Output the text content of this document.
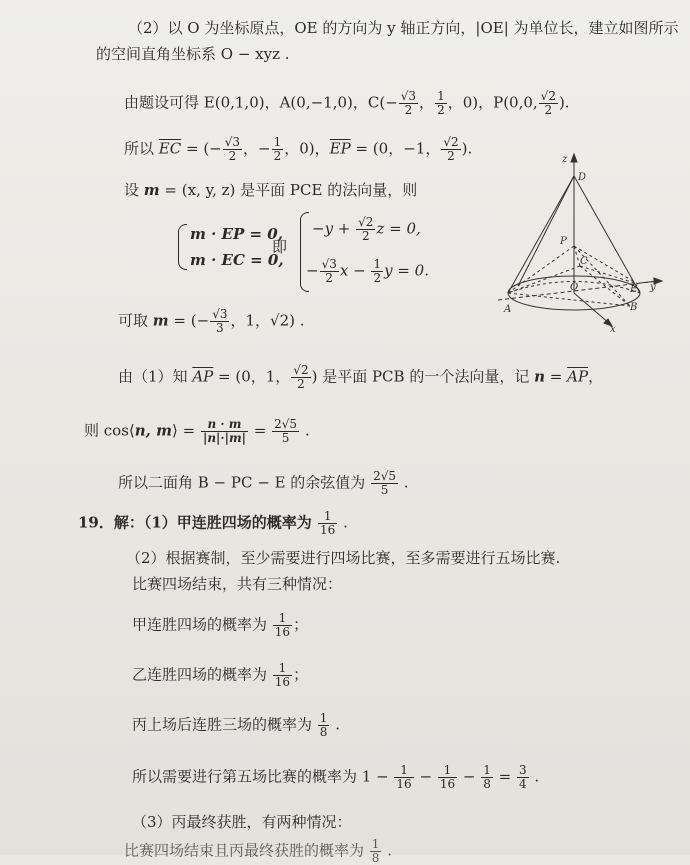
（2）以 O 为坐标原点，OE 的方向为 y 轴正方向，|OE| 为单位长，建立如图所示
的空间直角坐标系 O − xyz .
由题设可得 E(0,1,0)，A(0,−1,0)，$C(- \frac{√3}{2}$ ， $\frac{1}{2}$ ，0)，P(0,0, $\frac{√2}{2}$ ).
所以 $\overline{EC}$ = (− $\frac{√3}{2}$ ，− $\frac{1}{2}$ ，0)，$\overline{EP} = (0$，−1， $\frac{√2}{2}$ ).
设 m = (x, y, z) 是平面 PCE 的法向量，则
m · EP = 0,
m · EC = 0,
即
$-y + \frac{√2}{2}$ z = 0,
− $\frac{√3}{2}$ $x - \frac{1}{2}$ y = 0.
可取 m = (− $\frac{√3}{3}$ ，1，√2) .
由（1）知 $\overline{AP} = (0$，1， $\frac{√2}{2}$ ) 是平面 PCB 的一个法向量，记 $n = \overline{AP}$，
则 cos⟨n, m⟩ = $\frac{n \cdot m}{|n|\cdot|m|} = \frac{2√5}{5}$ .
所以二面角 B − PC − E 的余弦值为 $\frac{2√5}{5}$ .
19．解：（1）甲连胜四场的概率为 $\frac{1}{16}$ .
（2）根据赛制，至少需要进行四场比赛，至多需要进行五场比赛.
比赛四场结束，共有三种情况：
甲连胜四场的概率为 $\frac{1}{16}$ ；
乙连胜四场的概率为 $\frac{1}{16}$ ；
丙上场后连胜三场的概率为 $\frac{1}{8}$ .
所以需要进行第五场比赛的概率为 $1 - \frac{1}{16} - \frac{1}{16} - \frac{1}{8} = \frac{3}{4}$ .
（3）丙最终获胜，有两种情况：
比赛四场结束且丙最终获胜的概率为 $\frac{1}{8}$ .
z
D
P
C
O	E y
A	B
x
